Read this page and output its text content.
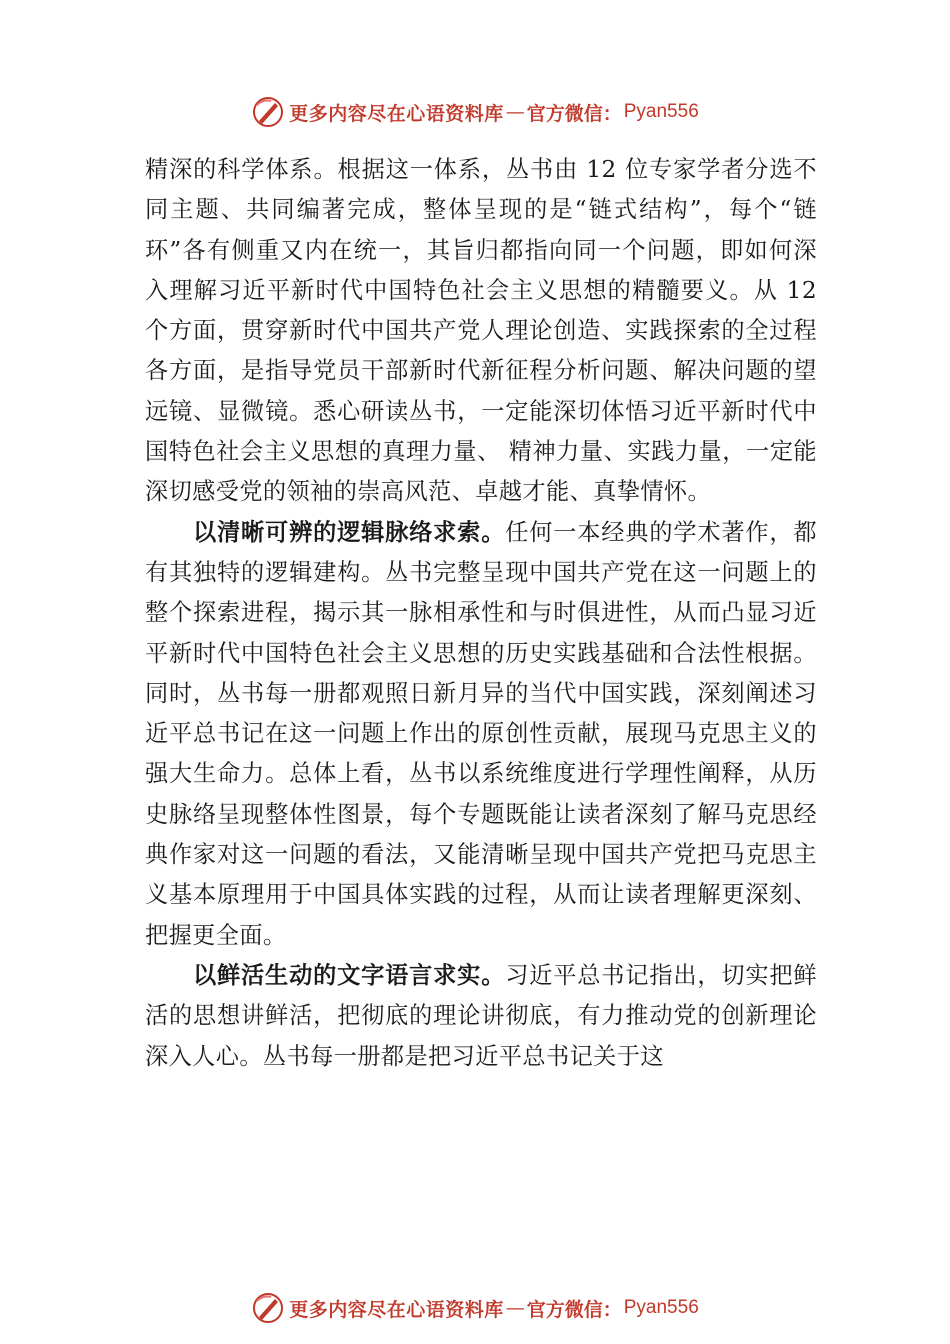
更多内容尽在心语资料库 — 官方微信： Pyan556

精深的科学体系。根据这一体系，丛书由 12 位专家学者分选不同主题、共同编著完成，整体呈现的是“链式结构”，每个“链环”各有侧重又内在统一，其旨归都指向同一个问题，即如何深入理解习近平新时代中国特色社会主义思想的精髓要义。从 12 个方面，贯穿新时代中国共产党人理论创造、实践探索的全过程各方面，是指导党员干部新时代新征程分析问题、解决问题的望远镜、显微镜。悉心研读丛书，一定能深切体悟习近平新时代中国特色社会主义思想的真理力量、 精神力量、实践力量，一定能深切感受党的领袖的崇高风范、卓越才能、真挚情怀。

以清晰可辨的逻辑脉络求索。任何一本经典的学术著作，都有其独特的逻辑建构。丛书完整呈现中国共产党在这一问题上的整个探索进程，揭示其一脉相承性和与时俱进性，从而凸显习近平新时代中国特色社会主义思想的历史实践基础和合法性根据。同时，丛书每一册都观照日新月异的当代中国实践，深刻阐述习近平总书记在这一问题上作出的原创性贡献，展现马克思主义的强大生命力。总体上看，丛书以系统维度进行学理性阐释，从历史脉络呈现整体性图景，每个专题既能让读者深刻了解马克思经典作家对这一问题的看法，又能清晰呈现中国共产党把马克思主义基本原理用于中国具体实践的过程，从而让读者理解更深刻、把握更全面。

以鲜活生动的文字语言求实。习近平总书记指出，切实把鲜活的思想讲鲜活，把彻底的理论讲彻底，有力推动党的创新理论深入人心。丛书每一册都是把习近平总书记关于这

更多内容尽在心语资料库 — 官方微信： Pyan556
